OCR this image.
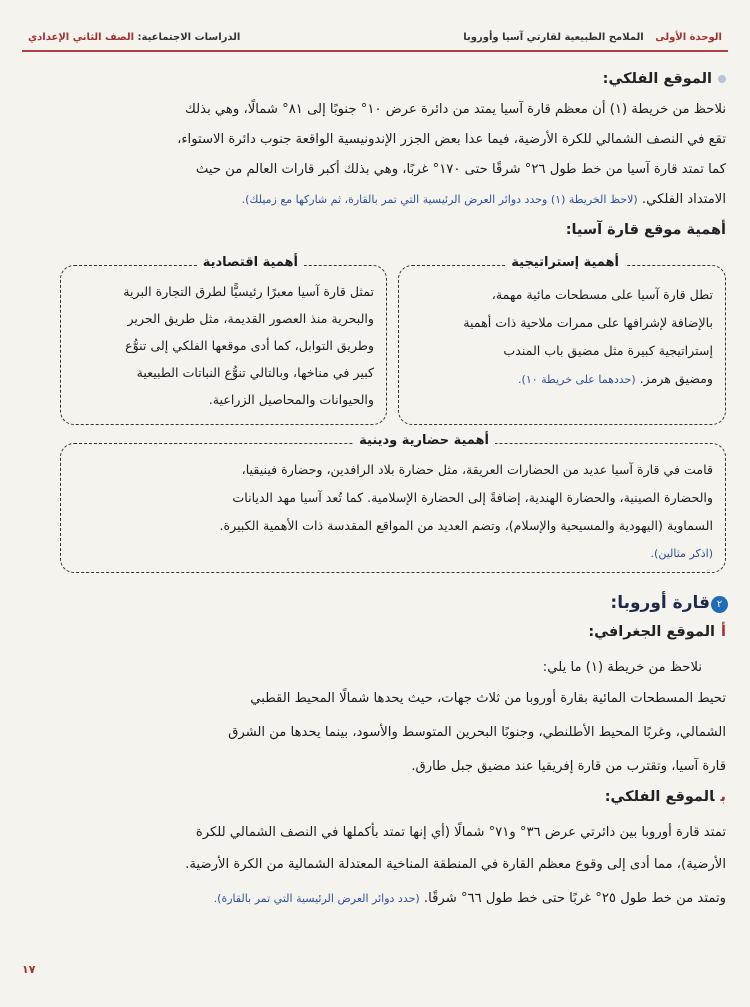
الوحدة الأولى الملامح الطبيعية لقارتي آسيا وأوروبا
الدراسات الاجتماعية: الصف الثاني الإعدادي
الموقع الفلكي:
نلاحظ من خريطة (١) أن معظم قارة آسيا يمتد من دائرة عرض ١٠° جنوبًا إلى ٨١° شمالًا، وهي بذلك
تقع في النصف الشمالي للكرة الأرضية، فيما عدا بعض الجزر الإندونيسية الواقعة جنوب دائرة الاستواء،
كما تمتد قارة آسيا من خط طول ٢٦° شرقًا حتى ١٧٠° غربًا، وهي بذلك أكبر قارات العالم من حيث
الامتداد الفلكي. (لاحظ الخريطة (١) وحدد دوائر العرض الرئيسية التي تمر بالقارة، ثم شاركها مع زميلك).
أهمية موقع قارة آسيا:
أهمية إستراتيجية
تطل قارة آسيا على مسطحات مائية مهمة،
بالإضافة لإشرافها على ممرات ملاحية ذات أهمية
إستراتيجية كبيرة مثل مضيق باب المندب
ومضيق هرمز. (حددهما على خريطة ١٠).
أهمية اقتصادية
تمثل قارة آسيا معبرًا رئيسيًّا لطرق التجارة البرية
والبحرية منذ العصور القديمة، مثل طريق الحرير
وطريق التوابل، كما أدى موقعها الفلكي إلى تنوُّع
كبير في مناخها، وبالتالي تنوُّع النباتات الطبيعية
والحيوانات والمحاصيل الزراعية.
أهمية حضارية ودينية
قامت في قارة آسيا عديد من الحضارات العريقة، مثل حضارة بلاد الرافدين، وحضارة فينيقيا،
والحضارة الصينية، والحضارة الهندية، إضافةً إلى الحضارة الإسلامية. كما تُعد آسيا مهد الديانات
السماوية (اليهودية والمسيحية والإسلام)، وتضم العديد من المواقع المقدسة ذات الأهمية الكبيرة.
(اذكر مثالين).
٢
قارة أوروبا:
أالموقع الجغرافي:
نلاحظ من خريطة (١) ما يلي:
تحيط المسطحات المائية بقارة أوروبا من ثلاث جهات، حيث يحدها شمالًا المحيط القطبي
الشمالي، وغربًا المحيط الأطلنطي، وجنوبًا البحرين المتوسط والأسود، بينما يحدها من الشرق
قارة آسيا، وتقترب من قارة إفريقيا عند مضيق جبل طارق.
بالموقع الفلكي:
تمتد قارة أوروبا بين دائرتي عرض ٣٦° و٧١° شمالًا (أي إنها تمتد بأكملها في النصف الشمالي للكرة
الأرضية)، مما أدى إلى وقوع معظم القارة في المنطقة المناخية المعتدلة الشمالية من الكرة الأرضية.
وتمتد من خط طول ٢٥° غربًا حتى خط طول ٦٦° شرقًا. (حدد دوائر العرض الرئيسية التي تمر بالقارة).
١٧
